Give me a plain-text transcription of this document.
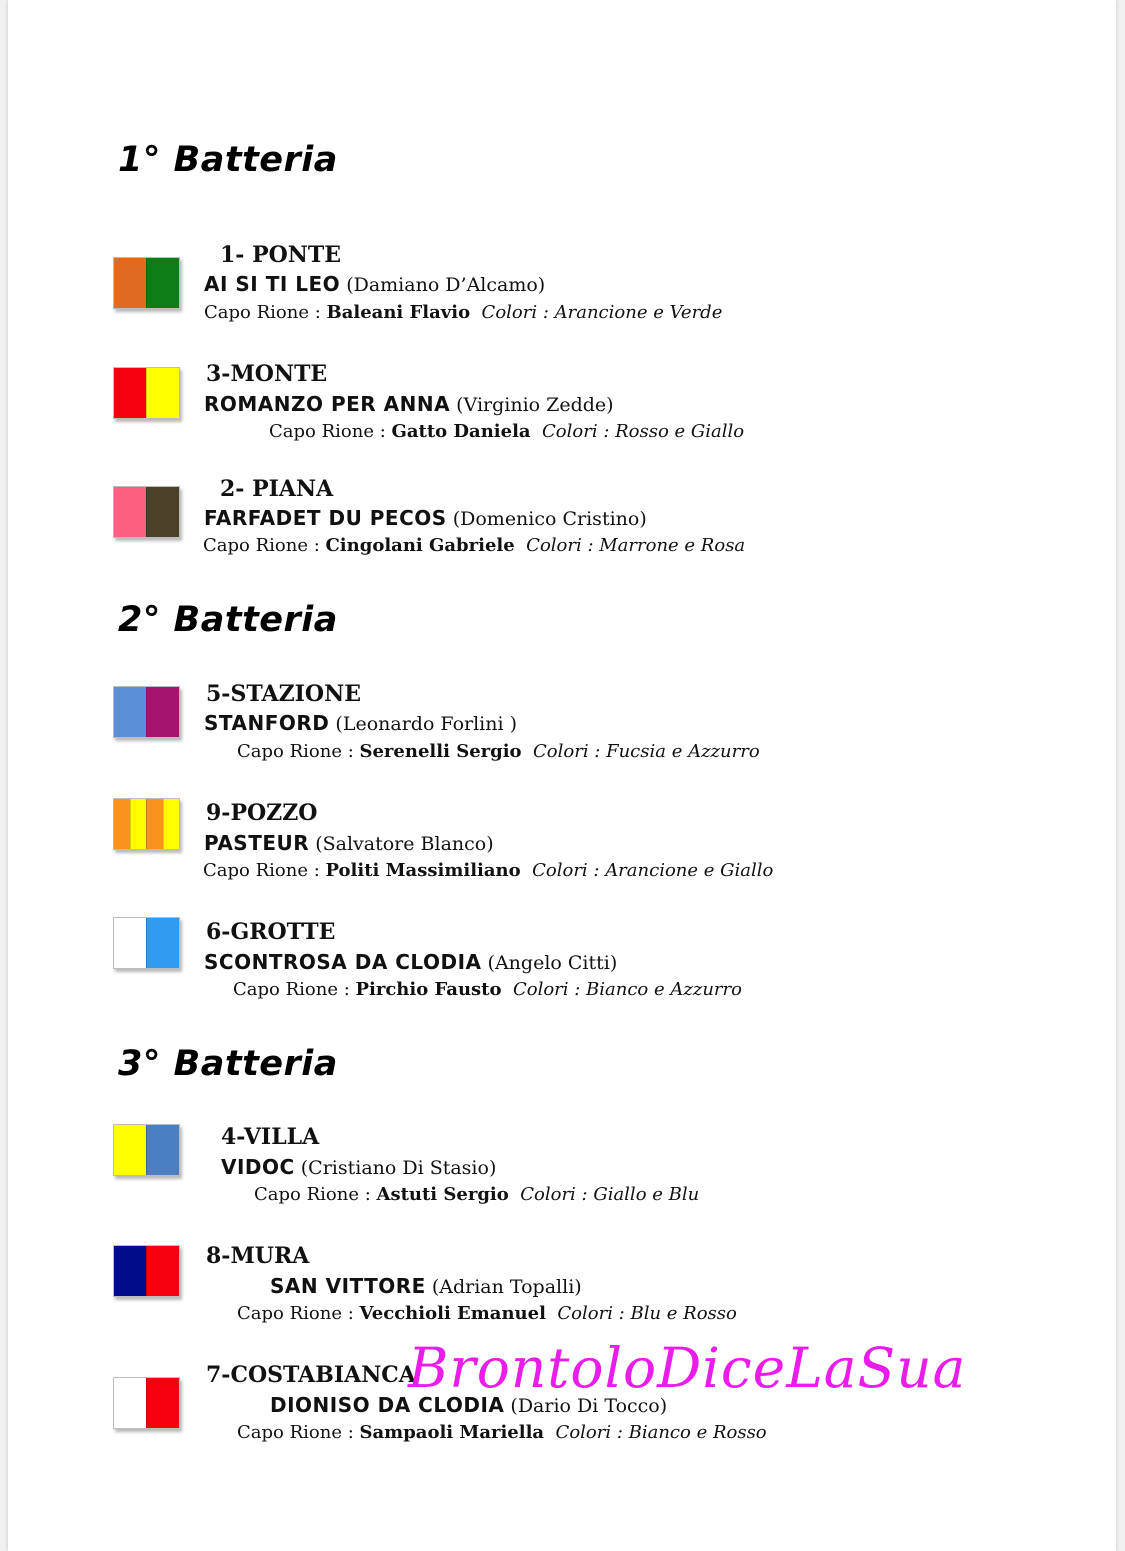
1° Batteria
2° Batteria
3° Batteria
1- PONTE
AI SI TI LEO (Damiano D’Alcamo)
Capo Rione : Baleani Flavio Colori : Arancione e Verde
3-MONTE
ROMANZO PER ANNA (Virginio Zedde)
Capo Rione : Gatto Daniela Colori : Rosso e Giallo
2- PIANA
FARFADET DU PECOS (Domenico Cristino)
Capo Rione : Cingolani Gabriele Colori : Marrone e Rosa
5-STAZIONE
STANFORD (Leonardo Forlini )
Capo Rione : Serenelli Sergio Colori : Fucsia e Azzurro
9-POZZO
PASTEUR (Salvatore Blanco)
Capo Rione : Politi Massimiliano Colori : Arancione e Giallo
6-GROTTE
SCONTROSA DA CLODIA (Angelo Citti)
Capo Rione : Pirchio Fausto Colori : Bianco e Azzurro
4-VILLA
VIDOC (Cristiano Di Stasio)
Capo Rione : Astuti Sergio Colori : Giallo e Blu
8-MURA
SAN VITTORE (Adrian Topalli)
Capo Rione : Vecchioli Emanuel Colori : Blu e Rosso
7-COSTABIANCA
DIONISO DA CLODIA (Dario Di Tocco)
Capo Rione : Sampaoli Mariella Colori : Bianco e Rosso
BrontoloDiceLaSua
